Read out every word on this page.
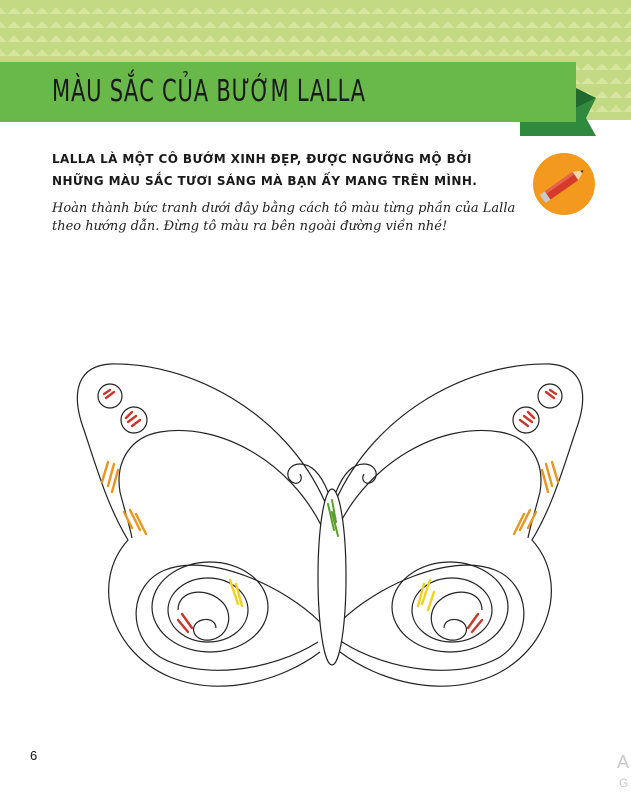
MÀU SẮC CỦA BƯỚM LALLA

LALLA LÀ MỘT CÔ BƯỚM XINH ĐẸP, ĐƯỢC NGƯỠNG MỘ BỞI NHỮNG MÀU SẮC TƯƠI SÁNG MÀ BẠN ẤY MANG TRÊN MÌNH.

Hoàn thành bức tranh dưới đây bằng cách tô màu từng phần của Lalla theo hướng dẫn. Đừng tô màu ra bên ngoài đường viền nhé!

6	A
G
